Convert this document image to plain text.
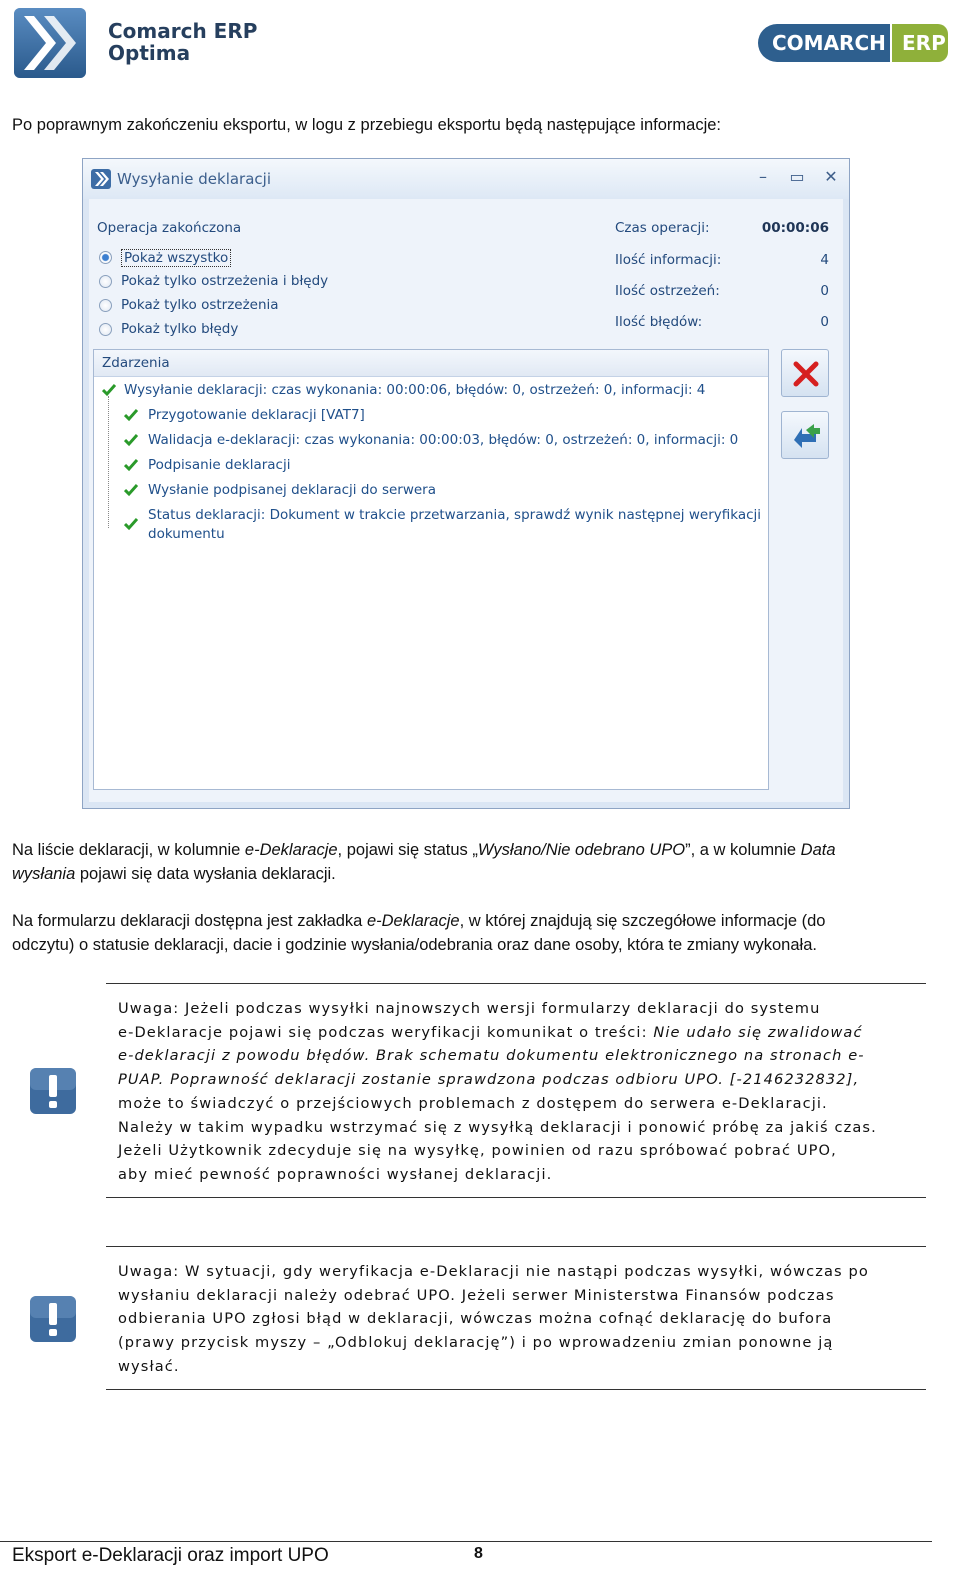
Comarch ERP
Optima	COMARCH ERP
Po poprawnym zakończeniu eksportu, w logu z przebiegu eksportu będą następujące informacje:
Wysyłanie deklaracji	–	▭ ✕
Operacja zakończona
Pokaż wszystko
Pokaż tylko ostrzeżenia i błędy
Pokaż tylko ostrzeżenia
Pokaż tylko błędy
Czas operacji:	00:00:06
Ilość informacji:	4
Ilość ostrzeżeń:	0
Ilość błędów:	0
Zdarzenia
Wysyłanie deklaracji: czas wykonania: 00:00:06, błędów: 0, ostrzeżeń: 0, informacji: 4
Przygotowanie deklaracji [VAT7]
Walidacja e-deklaracji: czas wykonania: 00:00:03, błędów: 0, ostrzeżeń: 0, informacji: 0
Podpisanie deklaracji
Wysłanie podpisanej deklaracji do serwera
Status deklaracji: Dokument w trakcie przetwarzania, sprawdź wynik następnej weryfikacji
dokumentu
Na liście deklaracji, w kolumnie e-Deklaracje, pojawi się status „Wysłano/Nie odebrano UPO”, a w kolumnie Data
wysłania pojawi się data wysłania deklaracji.
Na formularzu deklaracji dostępna jest zakładka e-Deklaracje, w której znajdują się szczegółowe informacje (do
odczytu) o statusie deklaracji, dacie i godzinie wysłania/odebrania oraz dane osoby, która te zmiany wykonała.
Uwaga: Jeżeli podczas wysyłki najnowszych wersji formularzy deklaracji do systemu
e-Deklaracje pojawi się podczas weryfikacji komunikat o treści: Nie udało się zwalidować
e-deklaracji z powodu błędów. Brak schematu dokumentu elektronicznego na stronach e-
PUAP. Poprawność deklaracji zostanie sprawdzona podczas odbioru UPO. [-2146232832],
może to świadczyć o przejściowych problemach z dostępem do serwera e-Deklaracji.
Należy w takim wypadku wstrzymać się z wysyłką deklaracji i ponowić próbę za jakiś czas.
Jeżeli Użytkownik zdecyduje się na wysyłkę, powinien od razu spróbować pobrać UPO,
aby mieć pewność poprawności wysłanej deklaracji.
Uwaga: W sytuacji, gdy weryfikacja e-Deklaracji nie nastąpi podczas wysyłki, wówczas po
wysłaniu deklaracji należy odebrać UPO. Jeżeli serwer Ministerstwa Finansów podczas
odbierania UPO zgłosi błąd w deklaracji, wówczas można cofnąć deklarację do bufora
(prawy przycisk myszy – „Odblokuj deklarację”) i po wprowadzeniu zmian ponowne ją
wysłać.
Eksport e-Deklaracji oraz import UPO	8
